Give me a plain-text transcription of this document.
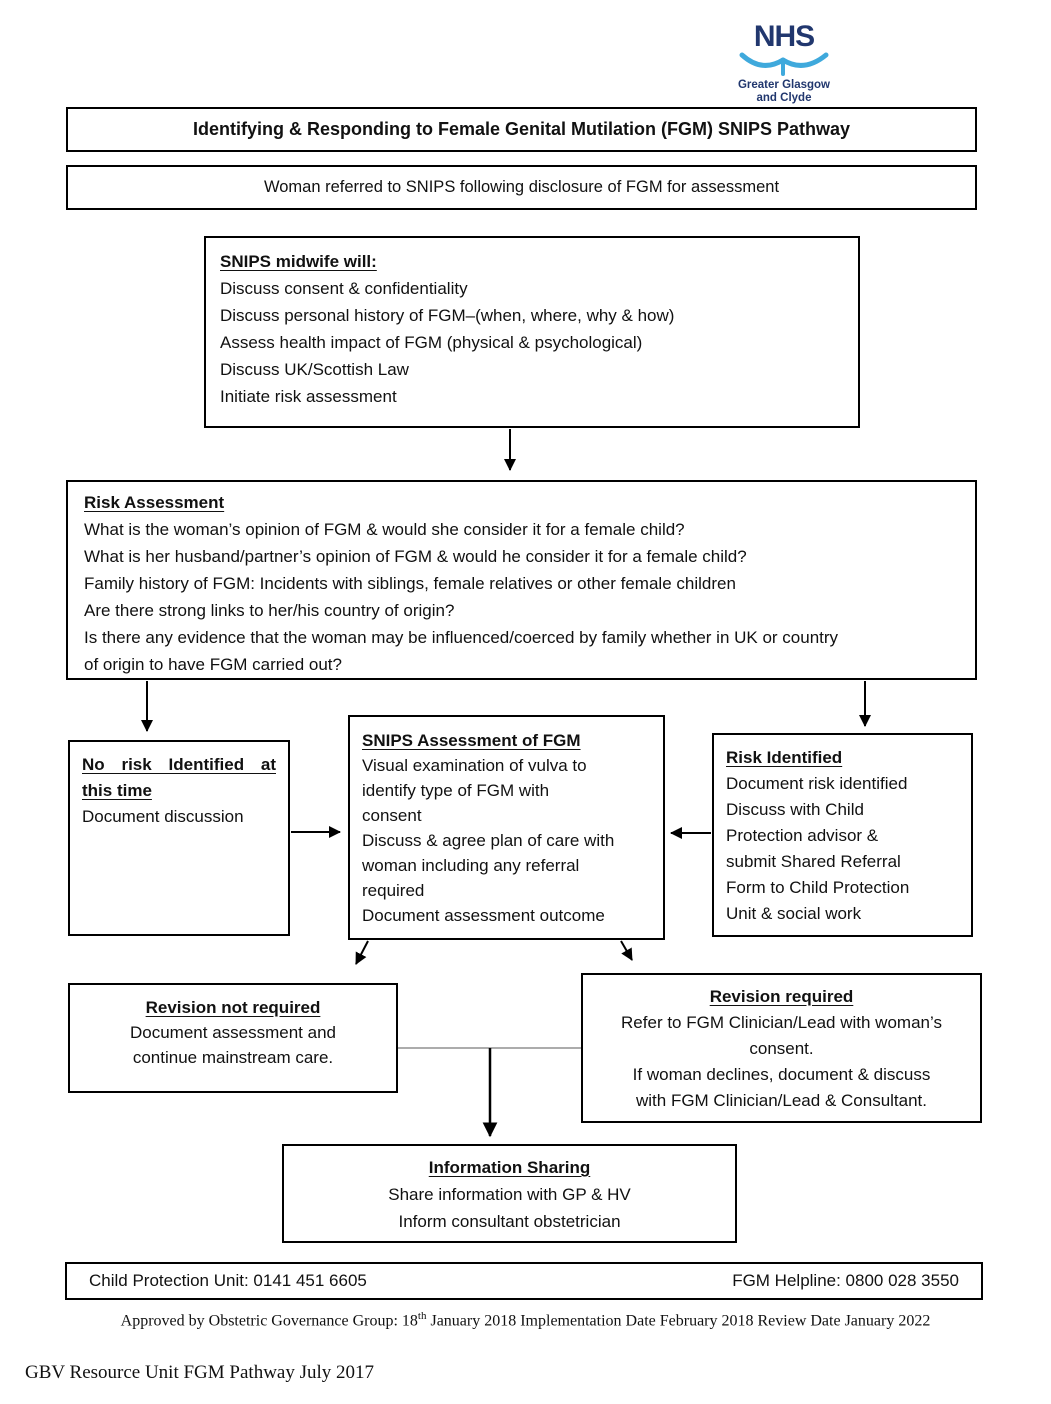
NHS
Greater Glasgow
and Clyde
Identifying & Responding to Female Genital Mutilation (FGM) SNIPS Pathway
Woman referred to SNIPS following disclosure of FGM for assessment
SNIPS midwife will:
Discuss consent & confidentiality
Discuss personal history of FGM–(when, where, why & how)
Assess health impact of FGM (physical & psychological)
Discuss UK/Scottish Law
Initiate risk assessment
Risk Assessment
What is the woman’s opinion of FGM & would she consider it for a female child?
What is her husband/partner’s opinion of FGM & would he consider it for a female child?
Family history of FGM: Incidents with siblings, female relatives or other female children
Are there strong links to her/his country of origin?
Is there any evidence that the woman may be influenced/coerced by family whether in UK or country
of origin to have FGM carried out?
No risk Identified at
this time
Document discussion
SNIPS Assessment of FGM
Visual examination of vulva to
identify type of FGM with
consent
Discuss & agree plan of care with
woman including any referral
required
Document assessment outcome
Risk Identified
Document risk identified
Discuss with Child
Protection advisor &
submit Shared Referral
Form to Child Protection
Unit & social work
Revision not required
Document assessment and
continue mainstream care.
Revision required
Refer to FGM Clinician/Lead with woman’s
consent.
If woman declines, document & discuss
with FGM Clinician/Lead & Consultant.
Information Sharing
Share information with GP & HV
Inform consultant obstetrician
Child Protection Unit: 0141 451 6605	FGM Helpline: 0800 028 3550
Approved by Obstetric Governance Group: 18th January 2018 Implementation Date February 2018 Review Date January 2022
GBV Resource Unit FGM Pathway July 2017
